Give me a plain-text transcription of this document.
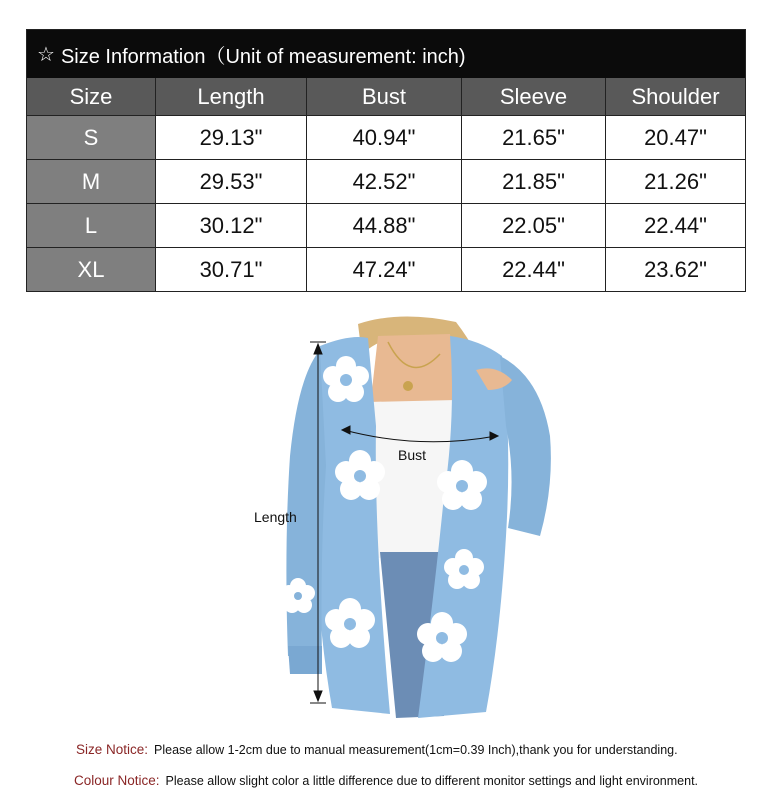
☆ Size Information（Unit of measurement: inch)
Size	Length	Bust	Sleeve	Shoulder
S	29.13"	40.94"	21.65"	20.47"
M	29.53"	42.52"	21.85"	21.26"
L	30.12"	44.88"	22.05"	22.44"
XL	30.71"	47.24"	22.44"	23.62"
Bust
Length
Size Notice: Please allow 1-2cm due to manual measurement(1cm=0.39 Inch),thank you for understanding.
Colour Notice: Please allow slight color a little difference due to different monitor settings and light environment.
